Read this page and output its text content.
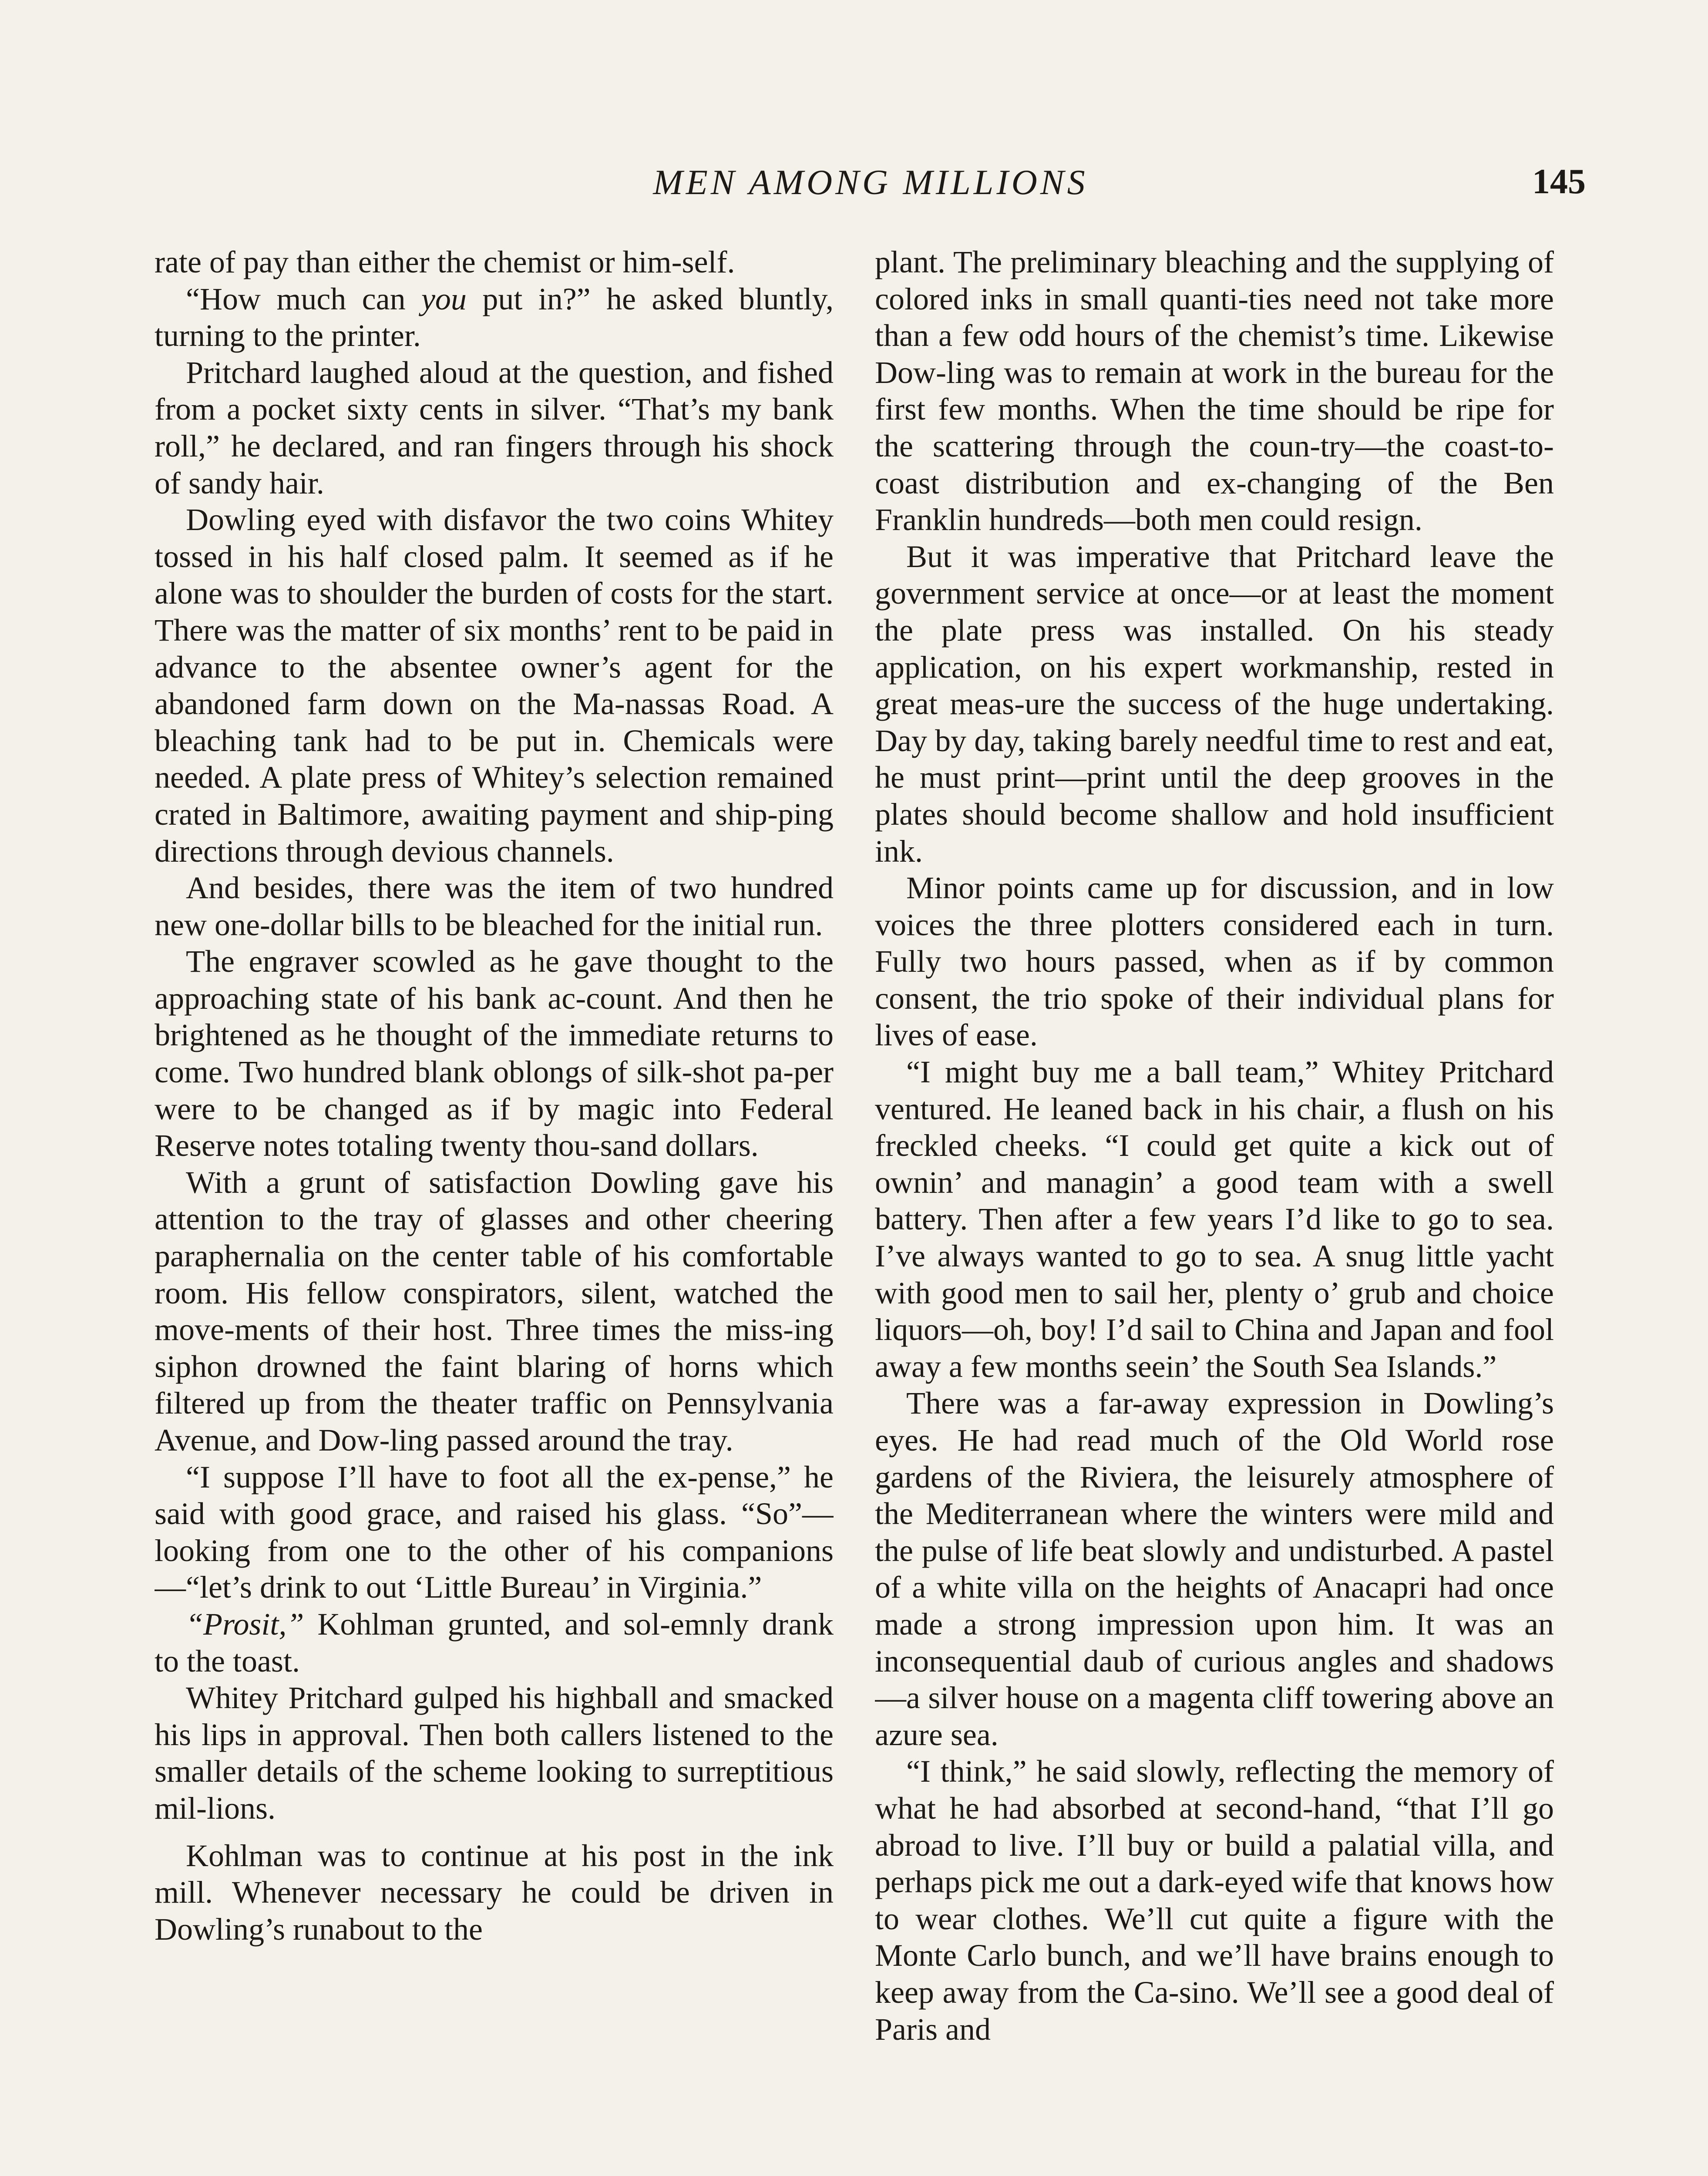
MEN AMONG MILLIONS	145

rate of pay than either the chemist or him-self.

“How much can you put in?” he asked bluntly, turning to the printer.

Pritchard laughed aloud at the question, and fished from a pocket sixty cents in silver. “That’s my bank roll,” he declared, and ran fingers through his shock of sandy hair.

Dowling eyed with disfavor the two coins Whitey tossed in his half closed palm. It seemed as if he alone was to shoulder the burden of costs for the start. There was the matter of six months’ rent to be paid in advance to the absentee owner’s agent for the abandoned farm down on the Ma-nassas Road. A bleaching tank had to be put in. Chemicals were needed. A plate press of Whitey’s selection remained crated in Baltimore, awaiting payment and ship-ping directions through devious channels.

And besides, there was the item of two hundred new one-dollar bills to be bleached for the initial run.

The engraver scowled as he gave thought to the approaching state of his bank ac-count. And then he brightened as he thought of the immediate returns to come. Two hundred blank oblongs of silk-shot pa-per were to be changed as if by magic into Federal Reserve notes totaling twenty thou-sand dollars.

With a grunt of satisfaction Dowling gave his attention to the tray of glasses and other cheering paraphernalia on the center table of his comfortable room. His fellow conspirators, silent, watched the move-ments of their host. Three times the miss-ing siphon drowned the faint blaring of horns which filtered up from the theater traffic on Pennsylvania Avenue, and Dow-ling passed around the tray.

“I suppose I’ll have to foot all the ex-pense,” he said with good grace, and raised his glass. “So”—looking from one to the other of his companions—“let’s drink to out ‘Little Bureau’ in Virginia.”

“Prosit,” Kohlman grunted, and sol-emnly drank to the toast.

Whitey Pritchard gulped his highball and smacked his lips in approval. Then both callers listened to the smaller details of the scheme looking to surreptitious mil-lions.

Kohlman was to continue at his post in the ink mill. Whenever necessary he could be driven in Dowling’s runabout to the

plant. The preliminary bleaching and the supplying of colored inks in small quanti-ties need not take more than a few odd hours of the chemist’s time. Likewise Dow-ling was to remain at work in the bureau for the first few months. When the time should be ripe for the scattering through the coun-try—the coast-to-coast distribution and ex-changing of the Ben Franklin hundreds—both men could resign.

But it was imperative that Pritchard leave the government service at once—or at least the moment the plate press was installed. On his steady application, on his expert workmanship, rested in great meas-ure the success of the huge undertaking. Day by day, taking barely needful time to rest and eat, he must print—print until the deep grooves in the plates should become shallow and hold insufficient ink.

Minor points came up for discussion, and in low voices the three plotters considered each in turn. Fully two hours passed, when as if by common consent, the trio spoke of their individual plans for lives of ease.

“I might buy me a ball team,” Whitey Pritchard ventured. He leaned back in his chair, a flush on his freckled cheeks. “I could get quite a kick out of ownin’ and managin’ a good team with a swell battery. Then after a few years I’d like to go to sea. I’ve always wanted to go to sea. A snug little yacht with good men to sail her, plenty o’ grub and choice liquors—oh, boy! I’d sail to China and Japan and fool away a few months seein’ the South Sea Islands.”

There was a far-away expression in Dowling’s eyes. He had read much of the Old World rose gardens of the Riviera, the leisurely atmosphere of the Mediterranean where the winters were mild and the pulse of life beat slowly and undisturbed. A pastel of a white villa on the heights of Anacapri had once made a strong impression upon him. It was an inconsequential daub of curious angles and shadows—a silver house on a magenta cliff towering above an azure sea.

“I think,” he said slowly, reflecting the memory of what he had absorbed at second-hand, “that I’ll go abroad to live. I’ll buy or build a palatial villa, and perhaps pick me out a dark-eyed wife that knows how to wear clothes. We’ll cut quite a figure with the Monte Carlo bunch, and we’ll have brains enough to keep away from the Ca-sino. We’ll see a good deal of Paris and
